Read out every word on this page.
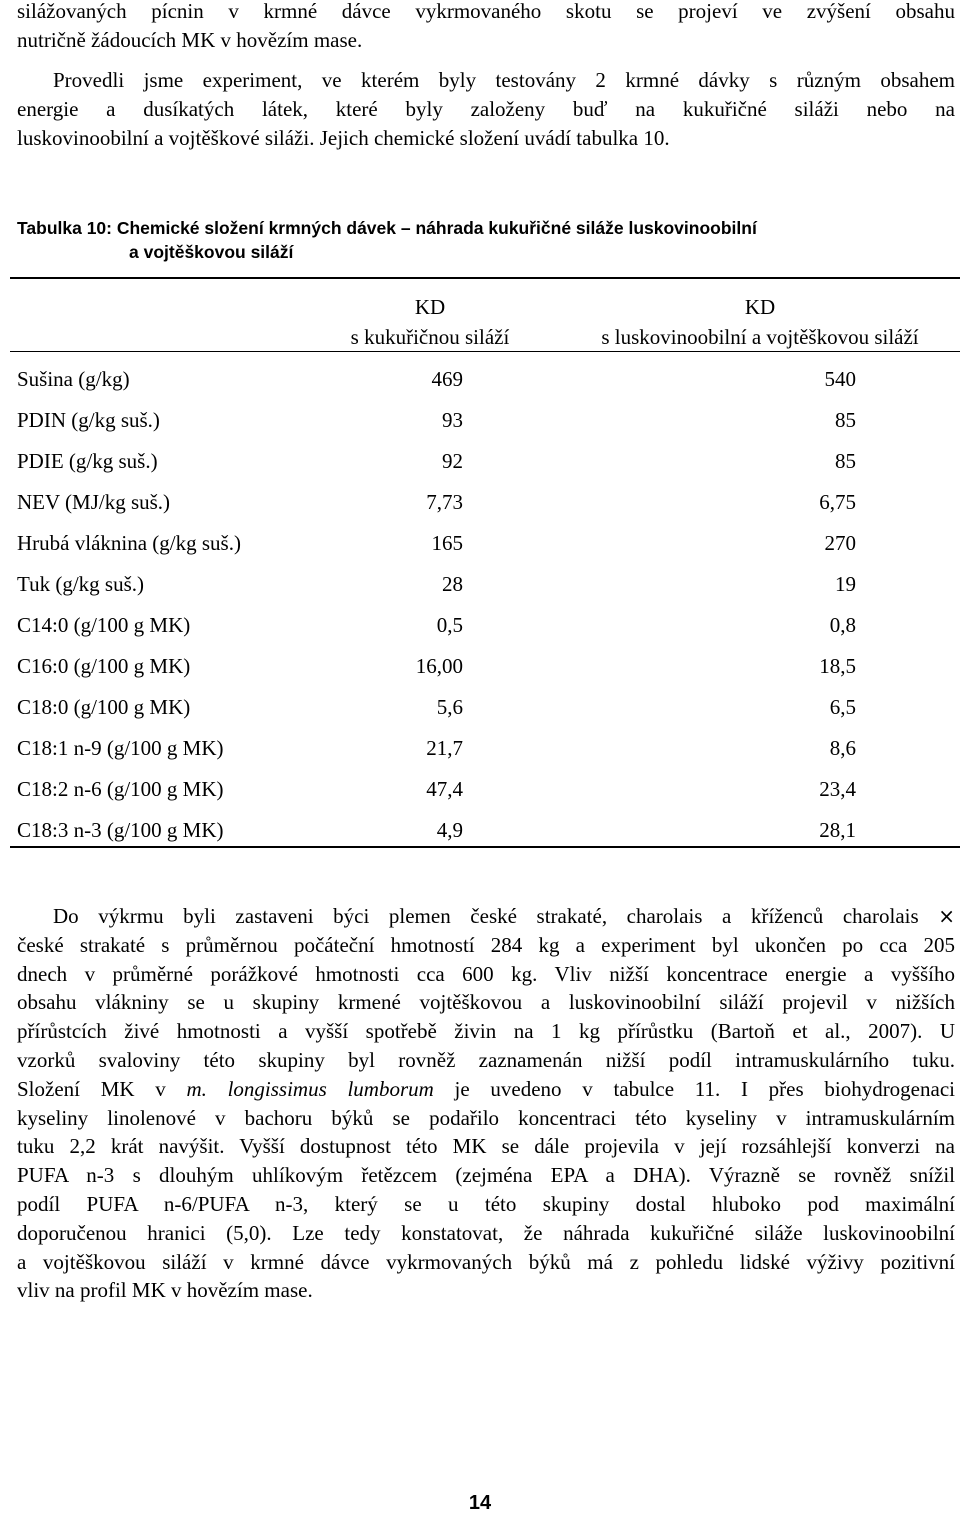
silážovaných pícnin v krmné dávce vykrmovaného skotu se projeví ve zvýšení obsahu
nutričně žádoucích MK v hovězím mase.
Provedli jsme experiment, ve kterém byly testovány 2 krmné dávky s různým obsahem
energie a dusíkatých látek, které byly založeny buď na kukuřičné siláži nebo na
luskovinoobilní a vojtěškové siláži. Jejich chemické složení uvádí tabulka 10.
Tabulka 10: Chemické složení krmných dávek – náhrada kukuřičné siláže luskovinoobilní
a vojtěškovou siláží
KD
s kukuřičnou siláží
KD
s luskovinoobilní a vojtěškovou siláží
Sušina (g/kg)	469	540
PDIN (g/kg suš.)	93	85
PDIE (g/kg suš.)	92	85
NEV (MJ/kg suš.)	7,73	6,75
Hrubá vláknina (g/kg suš.)	165	270
Tuk (g/kg suš.)	28	19
C14:0 (g/100 g MK)	0,5	0,8
C16:0 (g/100 g MK)	16,00	18,5
C18:0 (g/100 g MK)	5,6	6,5
C18:1 n-9 (g/100 g MK)	21,7	8,6
C18:2 n-6 (g/100 g MK)	47,4	23,4
C18:3 n-3 (g/100 g MK)	4,9	28,1
Do výkrmu byli zastaveni býci plemen české strakaté, charolais a kříženců charolais ×
české strakaté s průměrnou počáteční hmotností 284 kg a experiment byl ukončen po cca 205
dnech v průměrné porážkové hmotnosti cca 600 kg. Vliv nižší koncentrace energie a vyššího
obsahu vlákniny se u skupiny krmené vojtěškovou a luskovinoobilní siláží projevil v nižších
přírůstcích živé hmotnosti a vyšší spotřebě živin na 1 kg přírůstku (Bartoň et al., 2007). U
vzorků svaloviny této skupiny byl rovněž zaznamenán nižší podíl intramuskulárního tuku.
Složení MK v m. longissimus lumborum je uvedeno v tabulce 11. I přes biohydrogenaci
kyseliny linolenové v bachoru býků se podařilo koncentraci této kyseliny v intramuskulárním
tuku 2,2 krát navýšit. Vyšší dostupnost této MK se dále projevila v její rozsáhlejší konverzi na
PUFA n-3 s dlouhým uhlíkovým řetězcem (zejména EPA a DHA). Výrazně se rovněž snížil
podíl PUFA n-6/PUFA n-3, který se u této skupiny dostal hluboko pod maximální
doporučenou hranici (5,0). Lze tedy konstatovat, že náhrada kukuřičné siláže luskovinoobilní
a vojtěškovou siláží v krmné dávce vykrmovaných býků má z pohledu lidské výživy pozitivní
vliv na profil MK v hovězím mase.
14
